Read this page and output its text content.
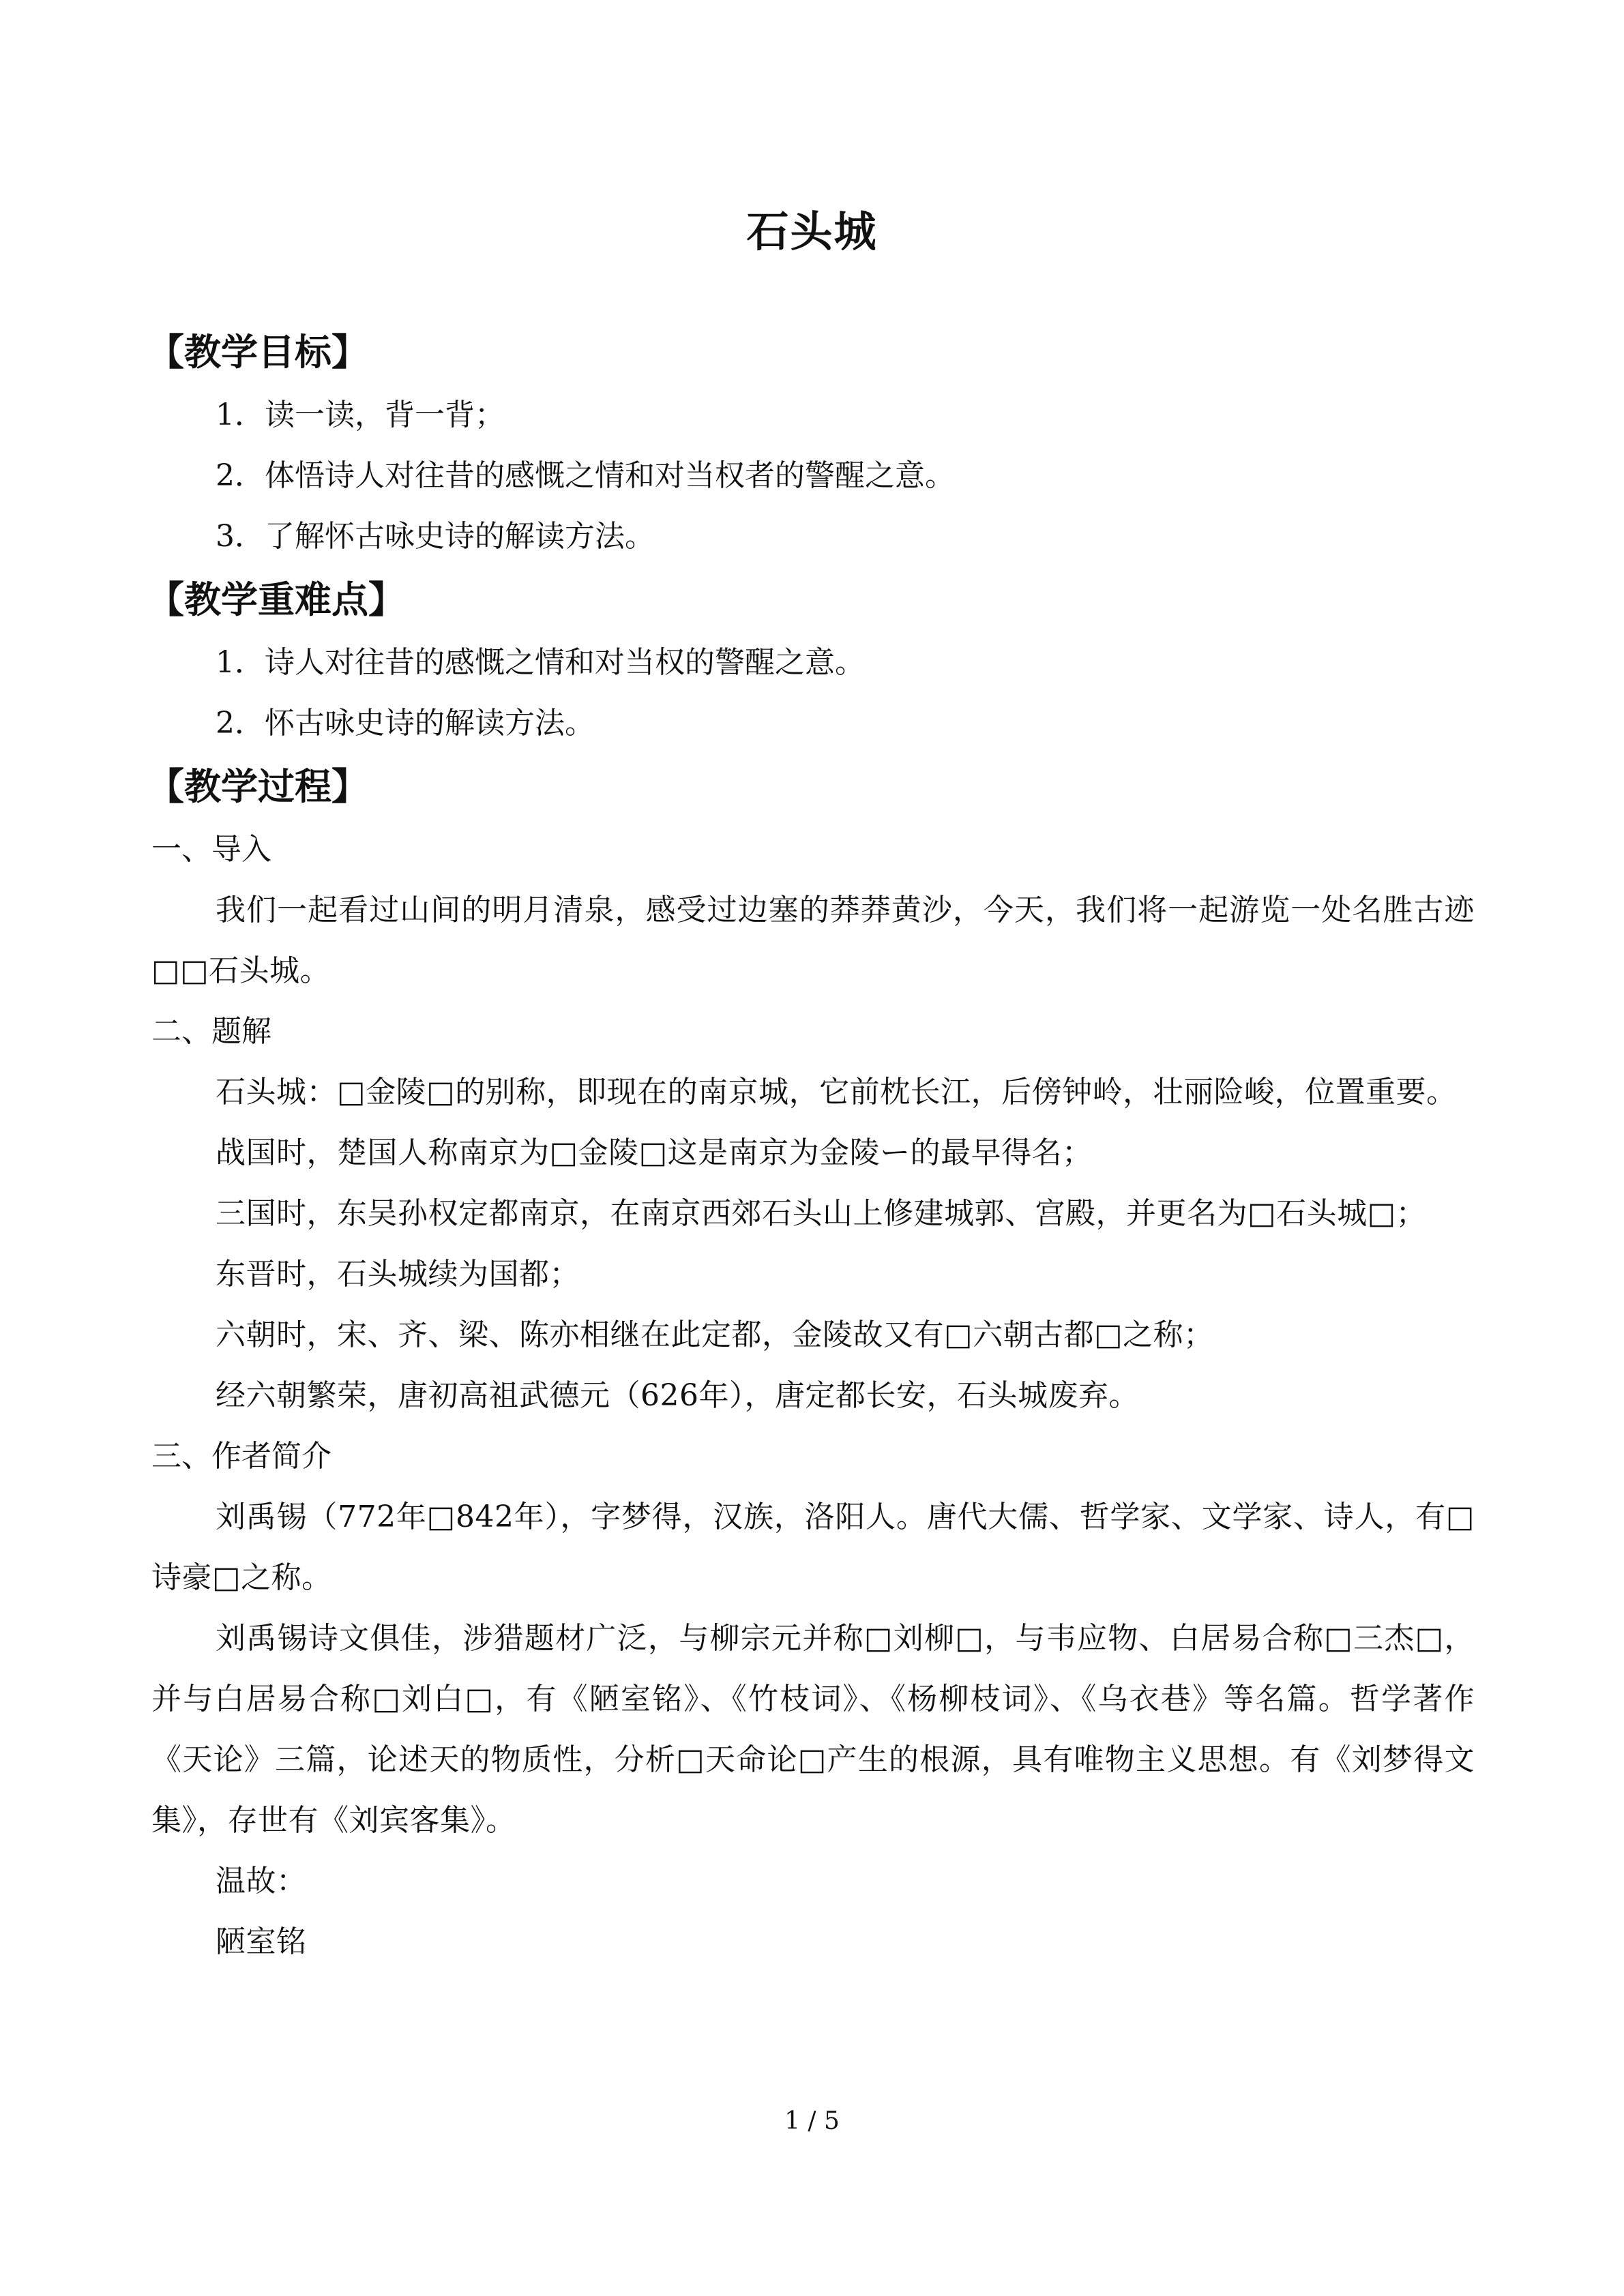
石头城
【教学目标】
1．读一读，背一背；
2．体悟诗人对往昔的感慨之情和对当权者的警醒之意。
3．了解怀古咏史诗的解读方法。
【教学重难点】
1．诗人对往昔的感慨之情和对当权的警醒之意。
2．怀古咏史诗的解读方法。
【教学过程】
一、导入
我们一起看过山间的明月清泉，感受过边塞的莽莽黄沙，今天，我们将一起游览一处名胜古迹□□石头城。
二、题解
石头城：□金陵□的别称，即现在的南京城，它前枕长江，后傍钟岭，壮丽险峻，位置重要。
战国时，楚国人称南京为□金陵□这是南京为金陵ー的最早得名；
三国时，东吴孙权定都南京，在南京西郊石头山上修建城郭、宫殿，并更名为□石头城□；
东晋时，石头城续为国都；
六朝时，宋、齐、梁、陈亦相继在此定都，金陵故又有□六朝古都□之称；
经六朝繁荣，唐初高祖武德元（626年），唐定都长安，石头城废弃。
三、作者简介
刘禹锡（772年□842年），字梦得，汉族，洛阳人。唐代大儒、哲学家、文学家、诗人，有□诗豪□之称。
刘禹锡诗文俱佳，涉猎题材广泛，与柳宗元并称□刘柳□，与韦应物、白居易合称□三杰□，并与白居易合称□刘白□，有《陋室铭》、《竹枝词》、《杨柳枝词》、《乌衣巷》等名篇。哲学著作《天论》三篇，论述天的物质性，分析□天命论□产生的根源，具有唯物主义思想。有《刘梦得文集》，存世有《刘宾客集》。
温故：
陋室铭
1 / 5
